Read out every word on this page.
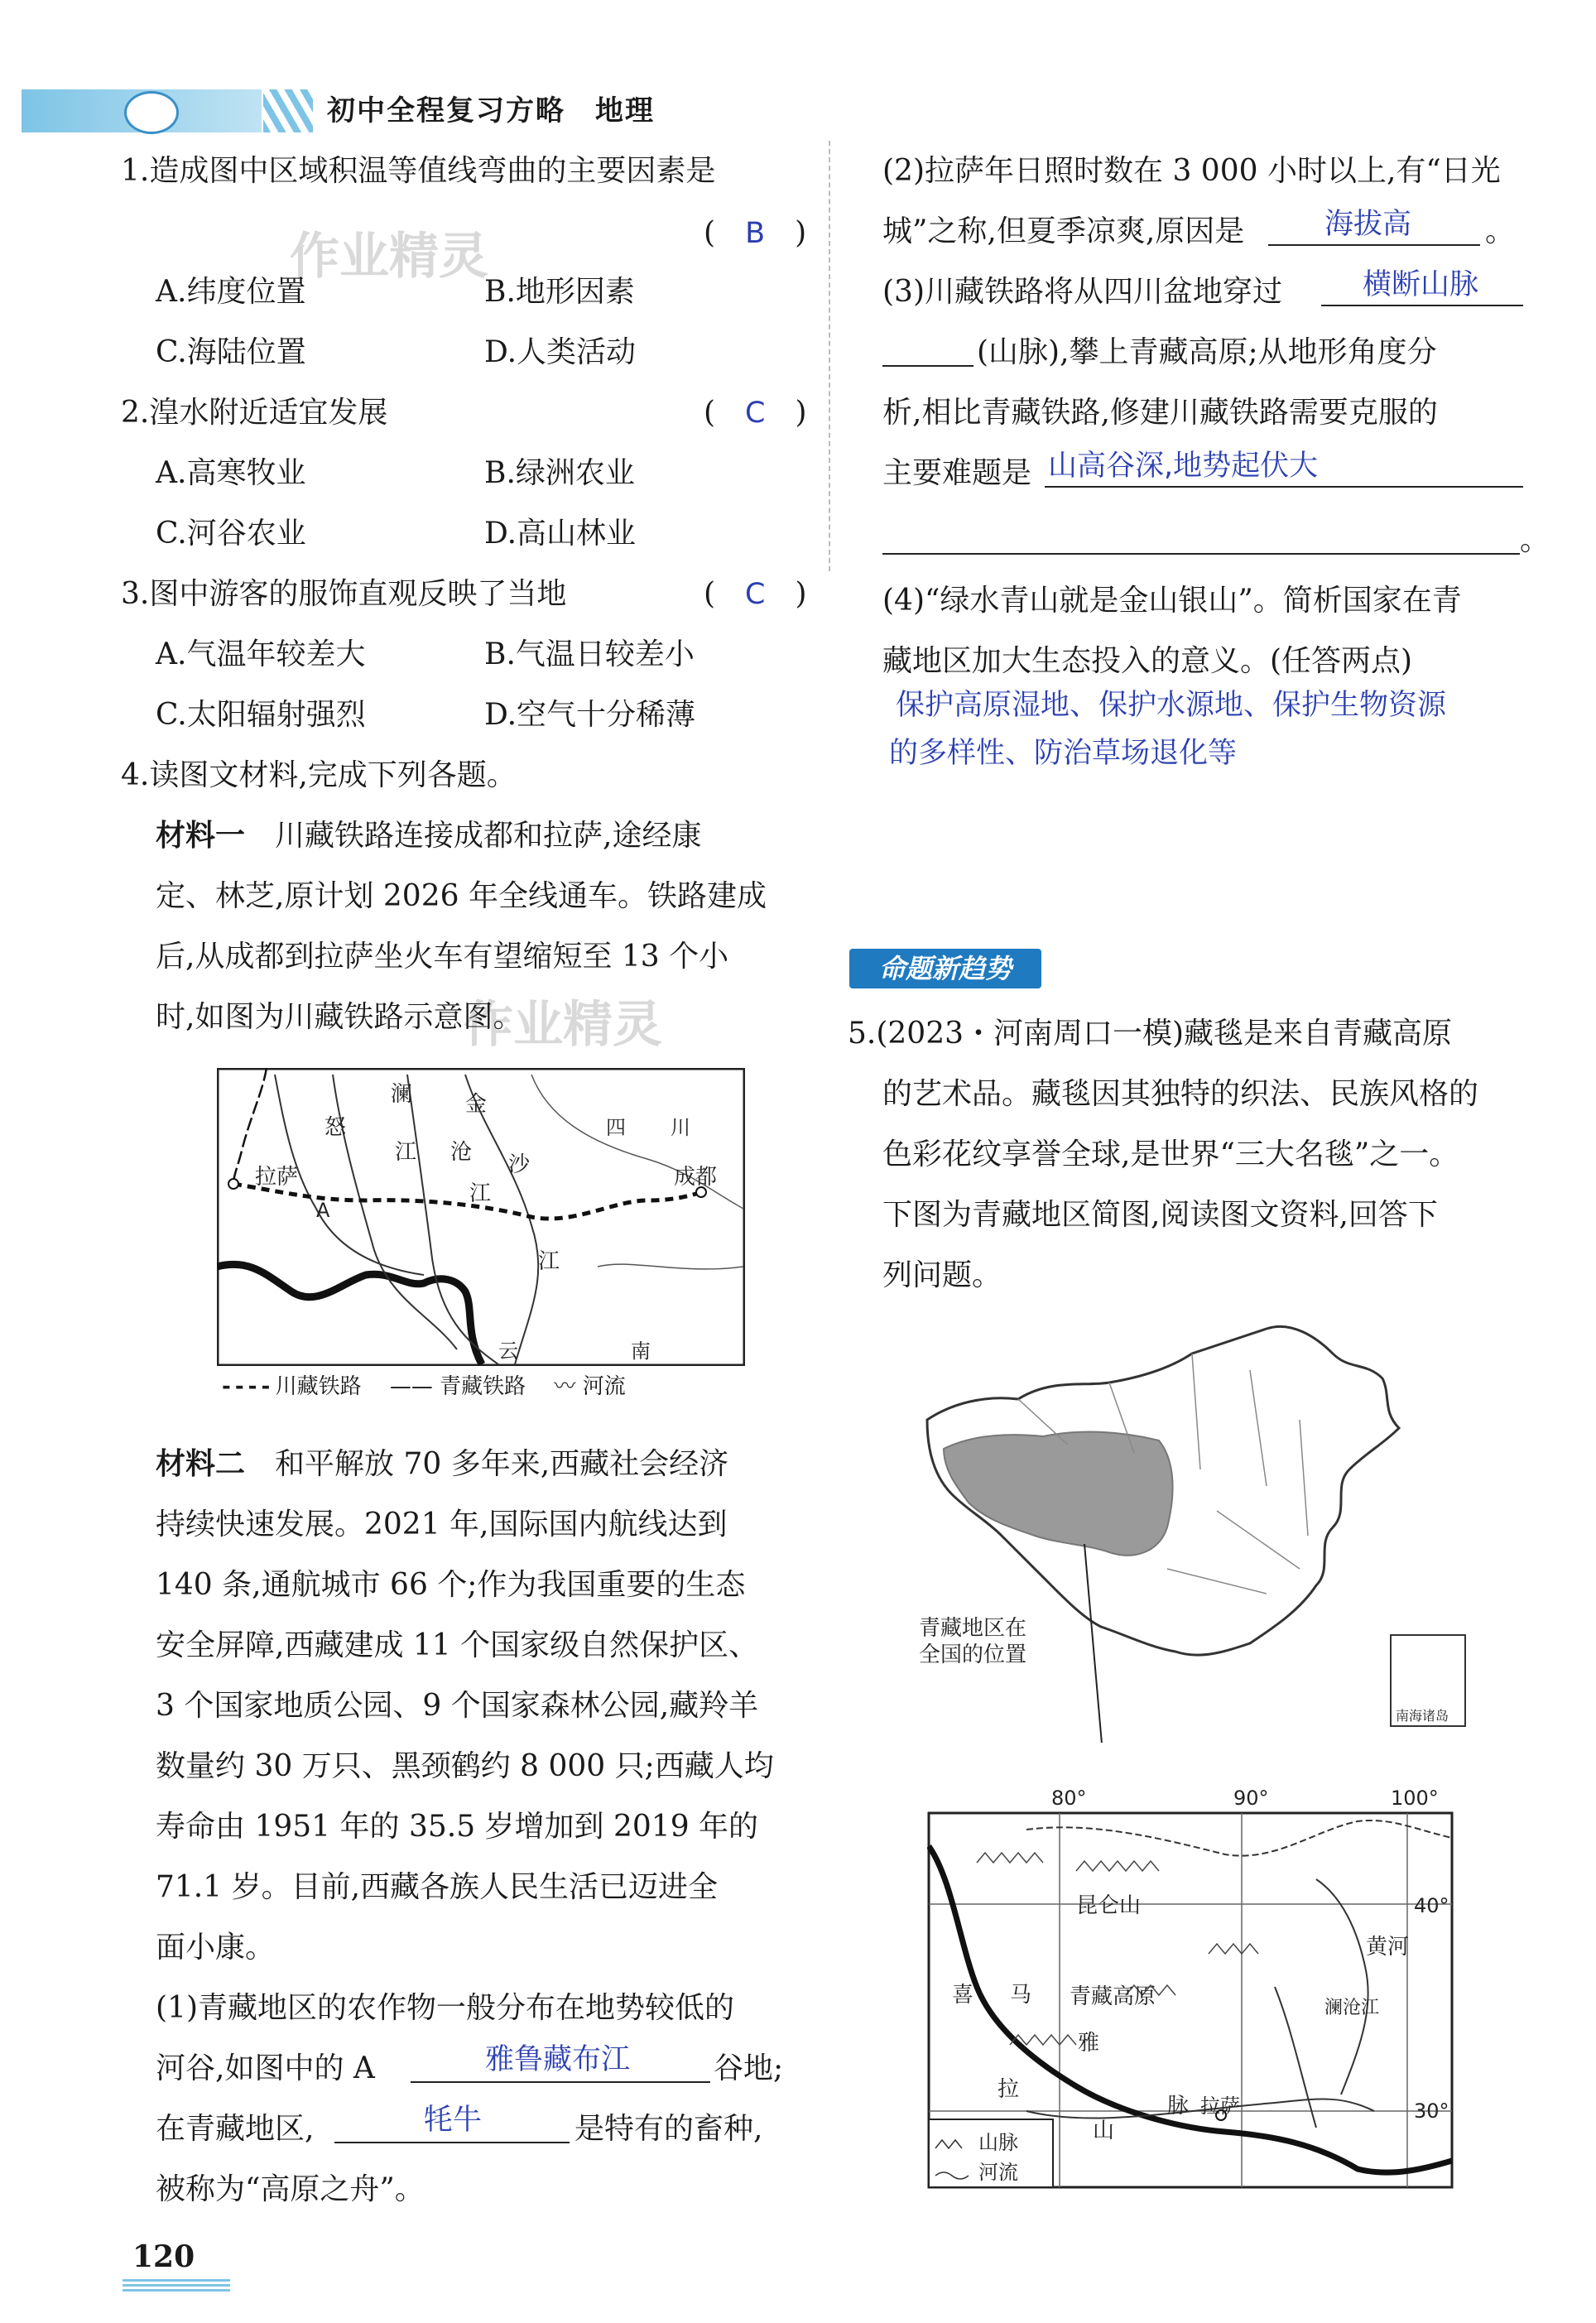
初中全程复习方略　地理
作业精灵
作业精灵
1.造成图中区域积温等值线弯曲的主要因素是
(　 B　 )
A.纬度位置	B.地形因素
C.海陆位置	D.人类活动
2.湟水附近适宜发展	(　C　)
A.高寒牧业	B.绿洲农业
C.河谷农业	D.高山林业
3.图中游客的服饰直观反映了当地	(　C　)
A.气温年较差大	B.气温日较差小
C.太阳辐射强烈	D.空气十分稀薄
4.读图文材料,完成下列各题。
材料一　 川藏铁路连接成都和拉萨,途经康
定、林芝,原计划 2026 年全线通车。铁路建成
后,从成都到拉萨坐火车有望缩短至 13 个小
时,如图为川藏铁路示意图。
拉萨	成都
A
澜
怒
江 沧
江
金
沙
江
四 川
云	南
- - - - 川藏铁路 　 —— 青藏铁路 　 〰 河流
材料二　 和平解放 70 多年来,西藏社会经济
持续快速发展。2021 年,国际国内航线达到
140 条,通航城市 66 个;作为我国重要的生态
安全屏障,西藏建成 11 个国家级自然保护区、
3 个国家地质公园、9 个国家森林公园,藏羚羊
数量约 30 万只、黑颈鹤约 8 000 只;西藏人均
寿命由 1951 年的 35.5 岁增加到 2019 年的
71.1 岁。目前,西藏各族人民生活已迈进全
面小康。
(1)青藏地区的农作物一般分布在地势较低的
河谷,如图中的 A	雅鲁藏布江	谷地;
在青藏地区,	牦牛	是特有的畜种,
被称为“高原之舟”。
120
(2)拉萨年日照时数在 3 000 小时以上,有“日光
城”之称,但夏季凉爽,原因是	海拔高 。
(3)川藏铁路将从四川盆地穿过	横断山脉
(山脉),攀上青藏高原;从地形角度分
析,相比青藏铁路,修建川藏铁路需要克服的
主要难题是 山高谷深,地势起伏大
。
(4)“绿水青山就是金山银山”。简析国家在青
藏地区加大生态投入的意义。(任答两点)
保护高原湿地、保护水源地、保护生物资源
的多样性、防治草场退化等
命题新趋势
5.(2023・河南周口一模)藏毯是来自青藏高原
的艺术品。藏毯因其独特的织法、民族风格的
色彩花纹享誉全球,是世界“三大名毯”之一。
下图为青藏地区简图,阅读图文资料,回答下
列问题。
南海诸岛
青藏地区在
全国的位置
80°	90°	100°
40°
30°
昆仑山
青藏高原
黄河
澜沧江
喜 马
拉
雅
脉
山
拉萨
山脉
河流
